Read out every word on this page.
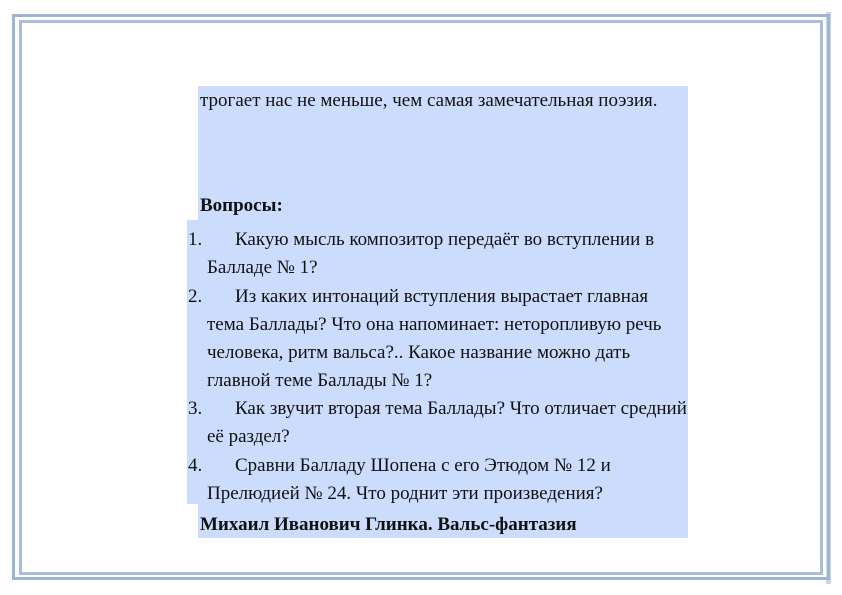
трогает нас не меньше, чем самая замечательная поэзия.

Вопросы:

1.	Какую мысль композитор передаёт во вступлении в Балладе № 1?
2.	Из каких интонаций вступления вырастает главная тема Баллады? Что она напоминает: неторопливую речь человека, ритм вальса?.. Какое название можно дать главной теме Баллады № 1?
3.	Как звучит вторая тема Баллады? Что отличает средний её раздел?
4.	Сравни Балладу Шопена с его Этюдом № 12 и Прелюдией № 24. Что роднит эти произведения?

Михаил Иванович Глинка. Вальс-фантазия
